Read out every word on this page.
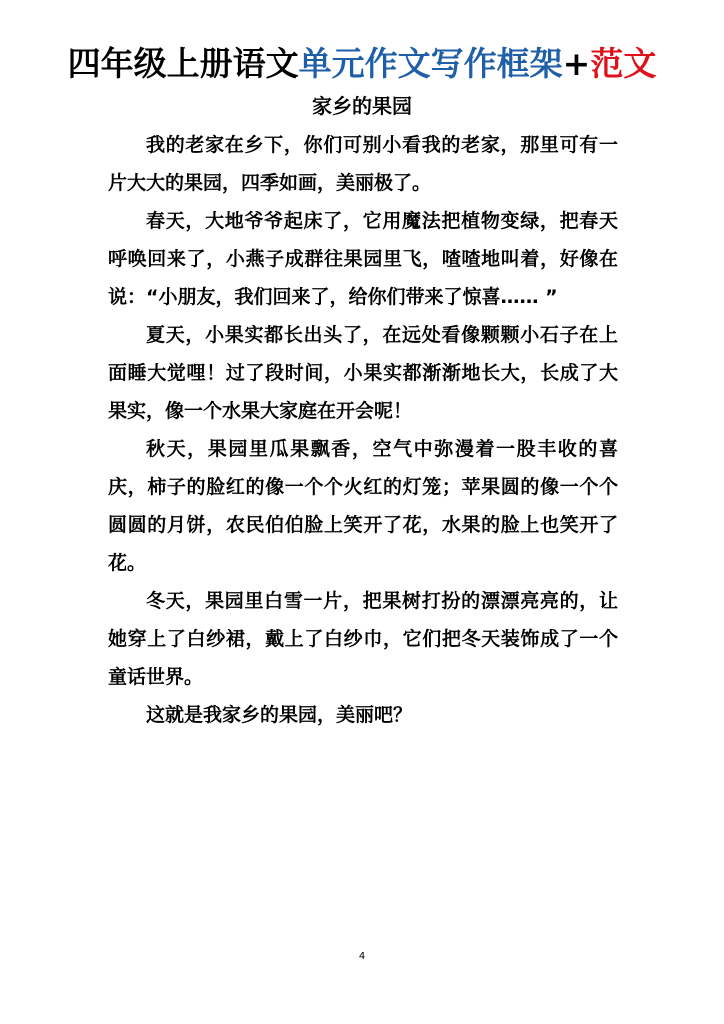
四年级上册语文单元作文写作框架+范文
家乡的果园

我的老家在乡下，你们可别小看我的老家，那里可有一片大大的果园，四季如画，美丽极了。

春天，大地爷爷起床了，它用魔法把植物变绿，把春天呼唤回来了，小燕子成群往果园里飞，喳喳地叫着，好像在说：“小朋友，我们回来了，给你们带来了惊喜…… ”

夏天，小果实都长出头了，在远处看像颗颗小石子在上面睡大觉哩！过了段时间，小果实都渐渐地长大，长成了大果实，像一个水果大家庭在开会呢！

秋天，果园里瓜果飘香，空气中弥漫着一股丰收的喜庆，柿子的脸红的像一个个火红的灯笼；苹果圆的像一个个圆圆的月饼，农民伯伯脸上笑开了花，水果的脸上也笑开了花。

冬天，果园里白雪一片，把果树打扮的漂漂亮亮的，让她穿上了白纱裙，戴上了白纱巾，它们把冬天装饰成了一个童话世界。

这就是我家乡的果园，美丽吧？

4
